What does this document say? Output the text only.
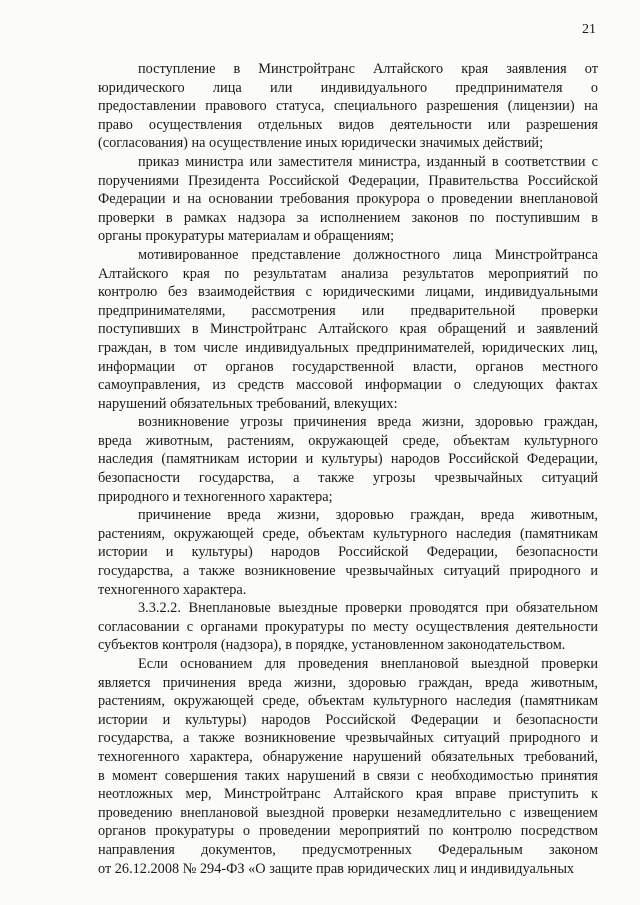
21
поступление в Минстройтранс Алтайского края заявления от
юридического лица или индивидуального предпринимателя о
предоставлении правового статуса, специального разрешения (лицензии) на
право осуществления отдельных видов деятельности или разрешения
(согласования) на осуществление иных юридически значимых действий;
приказ министра или заместителя министра, изданный в соответствии с
поручениями Президента Российской Федерации, Правительства Российской
Федерации и на основании требования прокурора о проведении внеплановой
проверки в рамках надзора за исполнением законов по поступившим в
органы прокуратуры материалам и обращениям;
мотивированное представление должностного лица Минстройтранса
Алтайского края по результатам анализа результатов мероприятий по
контролю без взаимодействия с юридическими лицами, индивидуальными
предпринимателями, рассмотрения или предварительной проверки
поступивших в Минстройтранс Алтайского края обращений и заявлений
граждан, в том числе индивидуальных предпринимателей, юридических лиц,
информации от органов государственной власти, органов местного
самоуправления, из средств массовой информации о следующих фактах
нарушений обязательных требований, влекущих:
возникновение угрозы причинения вреда жизни, здоровью граждан,
вреда животным, растениям, окружающей среде, объектам культурного
наследия (памятникам истории и культуры) народов Российской Федерации,
безопасности государства, а также угрозы чрезвычайных ситуаций
природного и техногенного характера;
причинение вреда жизни, здоровью граждан, вреда животным,
растениям, окружающей среде, объектам культурного наследия (памятникам
истории и культуры) народов Российской Федерации, безопасности
государства, а также возникновение чрезвычайных ситуаций природного и
техногенного характера.
3.3.2.2. Внеплановые выездные проверки проводятся при обязательном
согласовании с органами прокуратуры по месту осуществления деятельности
субъектов контроля (надзора), в порядке, установленном законодательством.
Если основанием для проведения внеплановой выездной проверки
является причинения вреда жизни, здоровью граждан, вреда животным,
растениям, окружающей среде, объектам культурного наследия (памятникам
истории и культуры) народов Российской Федерации и безопасности
государства, а также возникновение чрезвычайных ситуаций природного и
техногенного характера, обнаружение нарушений обязательных требований,
в момент совершения таких нарушений в связи с необходимостью принятия
неотложных мер, Минстройтранс Алтайского края вправе приступить к
проведению внеплановой выездной проверки незамедлительно с извещением
органов прокуратуры о проведении мероприятий по контролю посредством
направления документов, предусмотренных Федеральным законом
от 26.12.2008 № 294-ФЗ «О защите прав юридических лиц и индивидуальных
